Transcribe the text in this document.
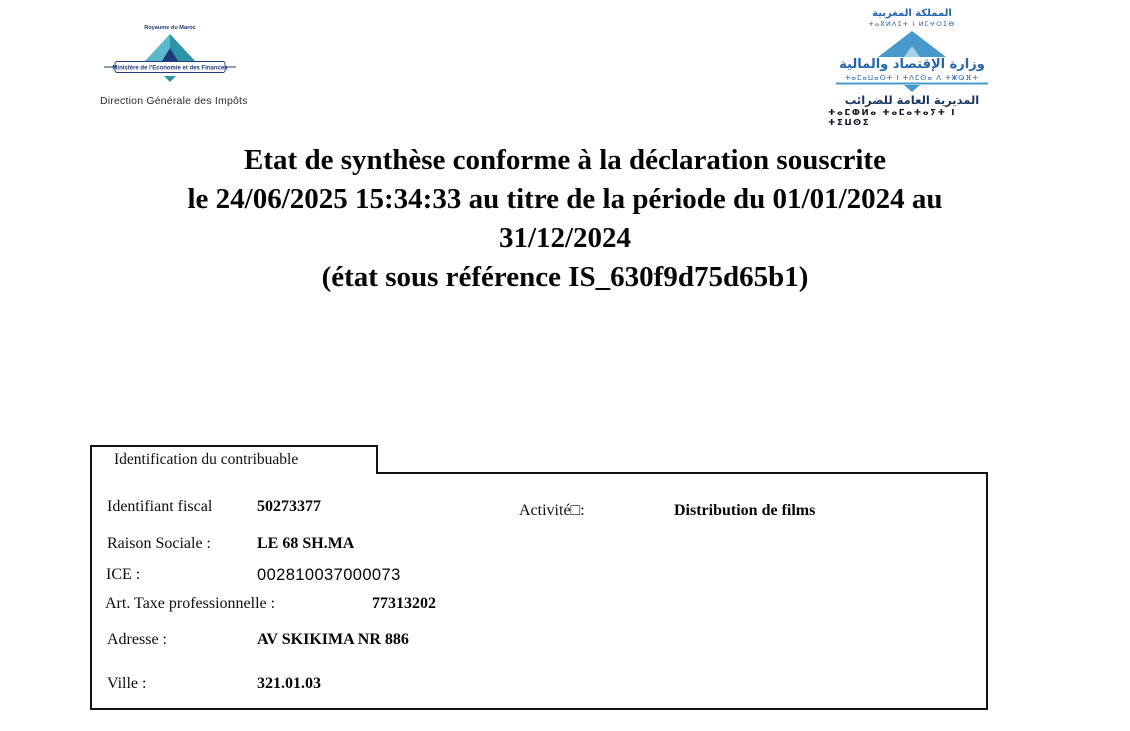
Royaume du Maroc
Ministère de l'Economie et des Finances
Direction Générale des Impôts
المملكة المغربية
ⵜⴰⴳⵍⴷⵉⵜ ⵏ ⵍⵎⵖⵔⵉⴱ
وزارة الإقتصاد والمالية
ⵜⴰⵎⴰⵡⴰⵙⵜ ⵏ ⵜⴷⵎⵙⴰ ⴷ ⵜⵥⵕⴼⵜ
المديرية العامة للضرائب
ⵜⴰⵎⵀⵍⴰ ⵜⴰⵎⴰⵜⴰⵢⵜ ⵏ ⵜⵉⵡⵙⵉ
Etat de synthèse conforme à la déclaration souscrite
le 24/06/2025 15:34:33 au titre de la période du 01/01/2024 au
31/12/2024
(état sous référence IS_630f9d75d65b1)
Identification du contribuable
Identifiant fiscal	50273377
Raison Sociale :	LE 68 SH.MA
ICE :	002810037000073
Art. Taxe professionnelle :	77313202
Adresse :	AV SKIKIMA NR 886
Ville :	321.01.03
Activité□:	Distribution de films
